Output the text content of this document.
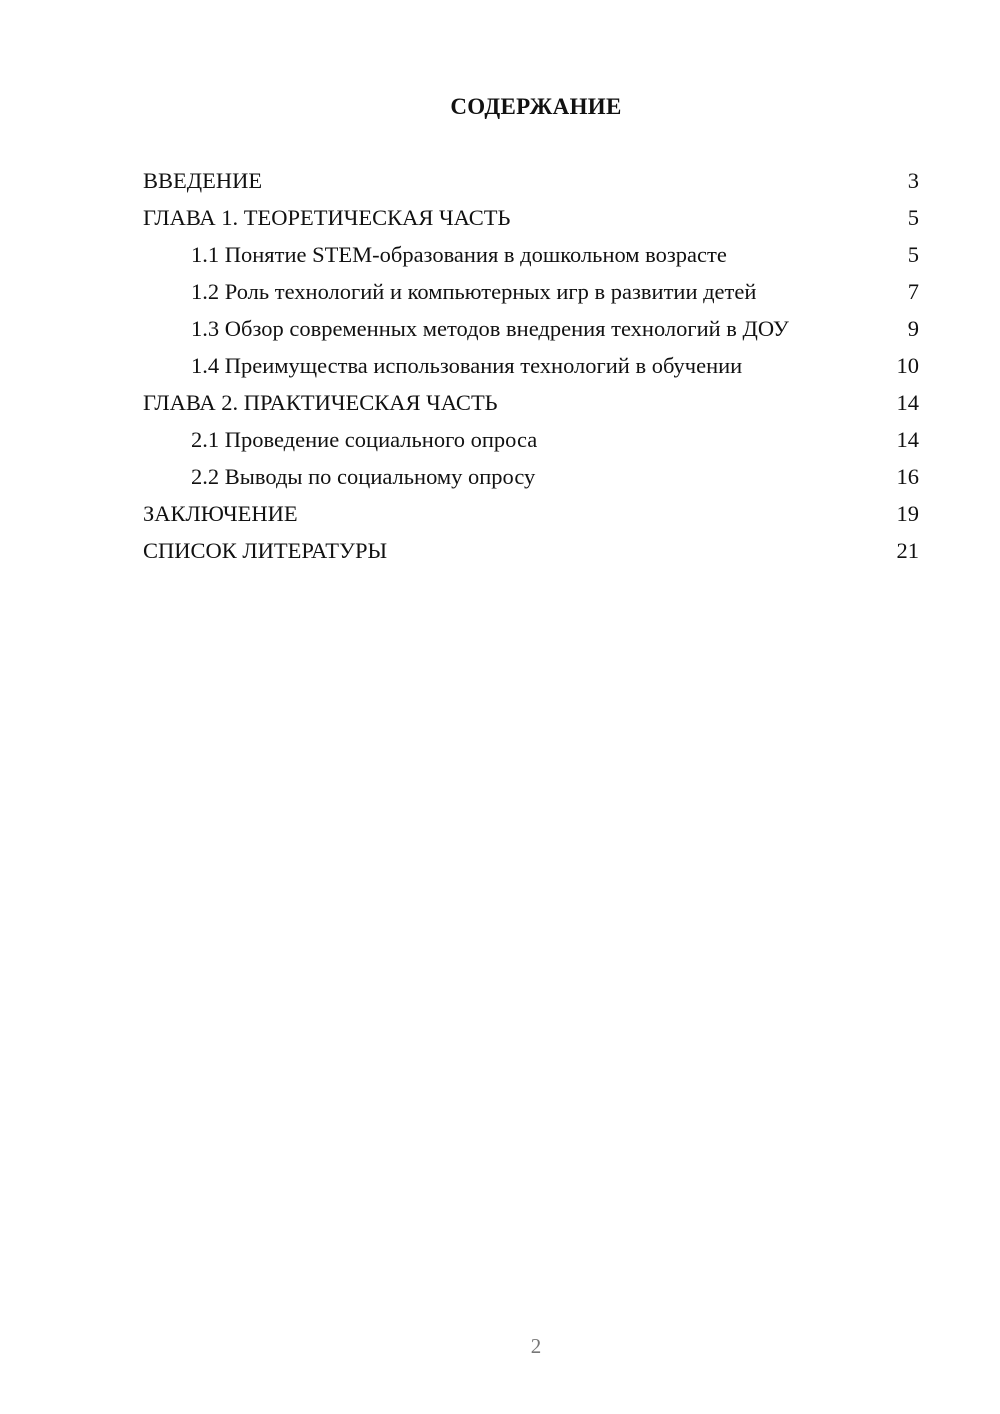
СОДЕРЖАНИЕ
ВВЕДЕНИЕ	3
ГЛАВА 1. ТЕОРЕТИЧЕСКАЯ ЧАСТЬ	5
1.1 Понятие STEM-образования в дошкольном возрасте	5
1.2 Роль технологий и компьютерных игр в развитии детей	7
1.3 Обзор современных методов внедрения технологий в ДОУ	9
1.4 Преимущества использования технологий в обучении	10
ГЛАВА 2. ПРАКТИЧЕСКАЯ ЧАСТЬ	14
2.1 Проведение социального опроса	14
2.2 Выводы по социальному опросу	16
ЗАКЛЮЧЕНИЕ	19
СПИСОК ЛИТЕРАТУРЫ	21
2
